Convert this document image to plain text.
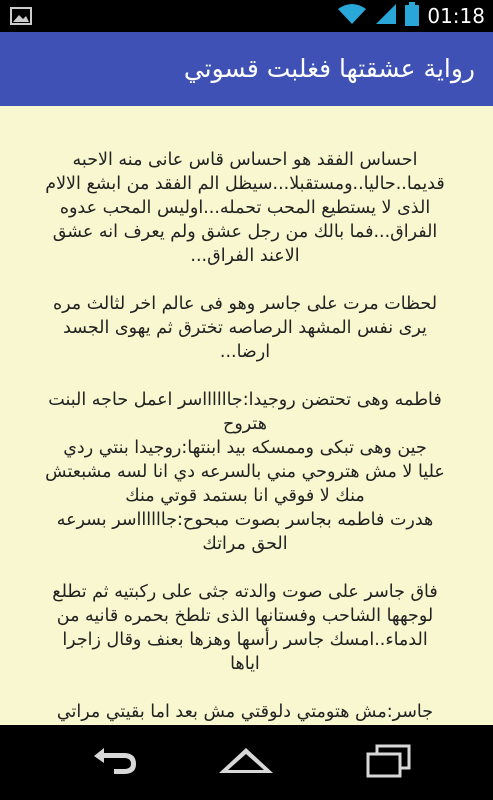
01:18
رواية عشقتها فغلبت قسوتي

احساس الفقد هو احساس قاس عانى منه الاحبه
قديما..حاليا..ومستقبلا...سيظل الم الفقد من ابشع الالام
الذى لا يستطيع المحب تحمله...اوليس المحب عدوه
الفراق...فما بالك من رجل عشق ولم يعرف انه عشق
الاعند الفراق...

لحظات مرت على جاسر وهو فى عالم اخر لثالث مره
يرى نفس المشهد الرصاصه تخترق ثم يهوى الجسد
ارضا...

فاطمه وهى تحتضن روجيدا:جااااااسر اعمل حاجه البنت
هتروح
جين وهى تبكى وممسكه بيد ابنتها:روجيدا بنتي ردي
عليا لا مش هتروحي مني بالسرعه دي انا لسه مشبعتش
منك لا فوقي انا بستمد قوتي منك
هدرت فاطمه بجاسر بصوت مبحوح:جااااااسر بسرعه
الحق مراتك

فاق جاسر على صوت والدته جثى على ركبتيه ثم تطلع
لوجهها الشاحب وفستانها الذى تلطخ بحمره قانيه من
الدماء..امسك جاسر رأسها وهزها بعنف وقال زاجرا
اياها

جاسر:مش هتومتي دلوقتي مش بعد اما بقيتي مراتي
